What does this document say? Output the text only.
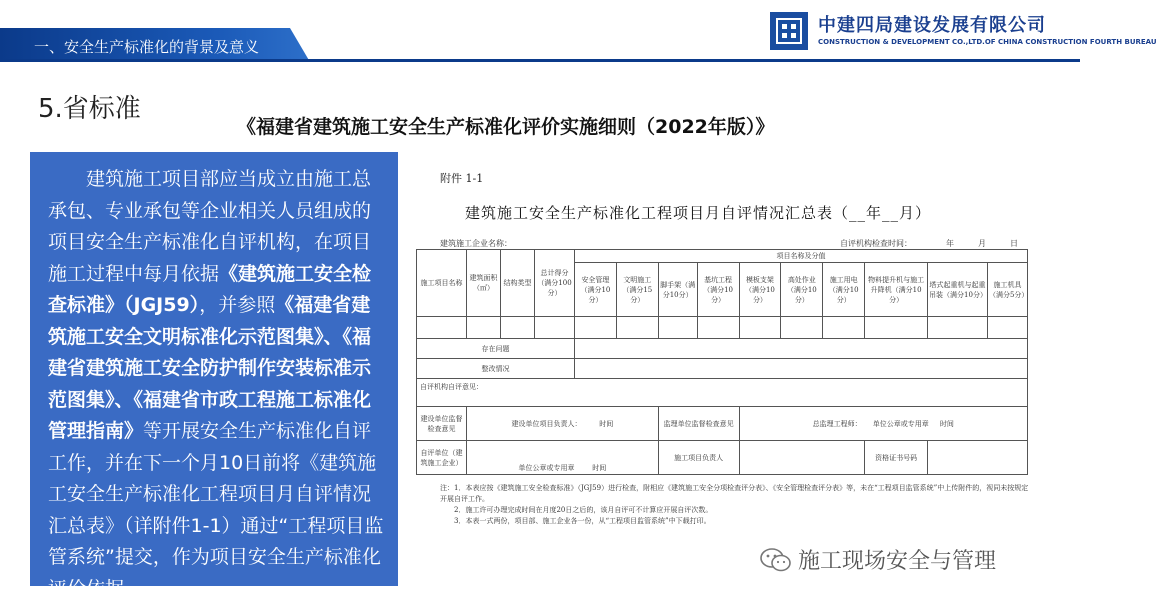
一、安全生产标准化的背景及意义
中建四局建设发展有限公司
CONSTRUCTION & DEVELOPMENT CO.,LTD.OF CHINA CONSTRUCTION FOURTH BUREAU
5.省标准
《福建省建筑施工安全生产标准化评价实施细则（2022年版）》

建筑施工项目部应当成立由施工总承包、专业承包等企业相关人员组成的项目安全生产标准化自评机构，在项目施工过程中每月依据《建筑施工安全检查标准》（JGJ59），并参照《福建省建筑施工安全文明标准化示范图集》、《福建省建筑施工安全防护制作安装标准示范图集》、《福建省市政工程施工标准化管理指南》等开展安全生产标准化自评工作，并在下一个月10日前将《建筑施工安全生产标准化工程项目月自评情况汇总表》（详附件1-1）通过“工程项目监管系统”提交，作为项目安全生产标准化评价依据。

附件 1-1
建筑施工安全生产标准化工程项目月自评情况汇总表（__年__月）
建筑施工企业名称：	自评机构检查时间：	年	月	日
施工项目名称	建筑面积（㎡）	结构类型	总计得分（满分100分）	项目名称及分值									
				安全管理（满分10分）	文明施工（满分15分）	脚手架（满分10分）	基坑工程（满分10分）	模板支架（满分10分）	高处作业（满分10分）	施工用电（满分10分）	物料提升机与施工升降机（满分10分）	塔式起重机与起重吊装（满分10分）	施工机具（满分5分）

存在问题													
整改情况													
自评机构自评意见：													
建设单位监督检查意见	建设单位项目负责人： 时间					监理单位监督检查意见		总监理工程师： 单位公章或专用章 时间					
自评单位（建筑施工企业）	单位公章或专用章 时间					施工项目负责人					资格证书号码		
注：1．本表应按《建筑施工安全检查标准》（JGJ59）进行检查，附相应《建筑施工安全分项检查评分表》、《安全管理检查评分表》等，未在“工程项目监管系统”中上传附件的，视同未按规定开展自评工作。
2．施工许可办理完成时间在月度20日之后的，该月自评可不计算应开展自评次数。
3．本表一式两份，项目部、施工企业各一份，从“工程项目监管系统”中下载打印。
施工现场安全与管理
